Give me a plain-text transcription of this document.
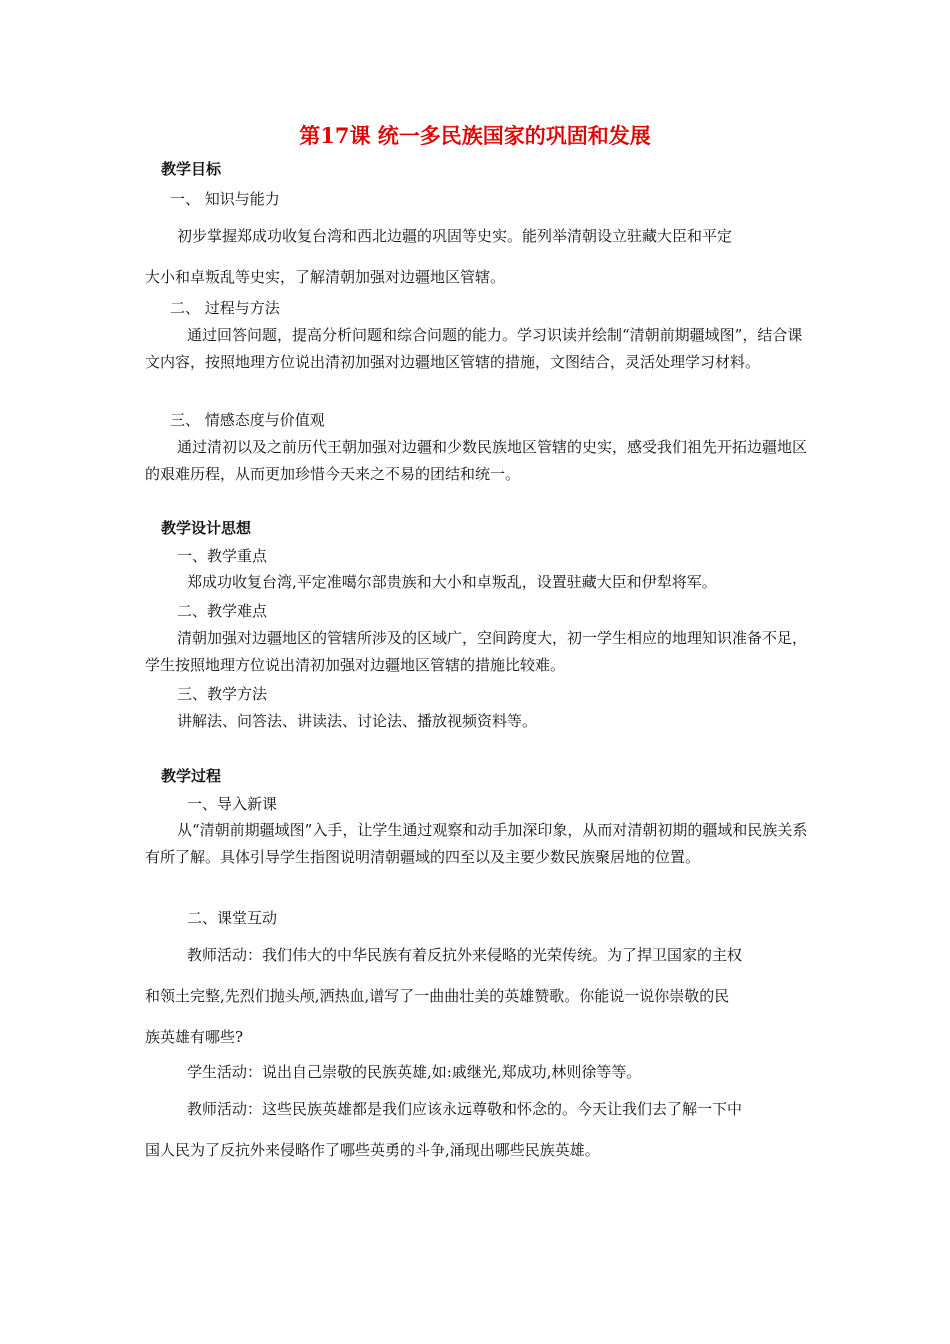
第17课 统一多民族国家的巩固和发展
教学目标
一、 知识与能力
初步掌握郑成功收复台湾和西北边疆的巩固等史实。能列举清朝设立驻藏大臣和平定
大小和卓叛乱等史实，了解清朝加强对边疆地区管辖。
二、 过程与方法

通过回答问题，提高分析问题和综合问题的能力。学习识读并绘制“清朝前期疆域图”，结合课文内容，按照地理方位说出清初加强对边疆地区管辖的措施，文图结合，灵活处理学习材料。

三、 情感态度与价值观

通过清初以及之前历代王朝加强对边疆和少数民族地区管辖的史实，感受我们祖先开拓边疆地区的艰难历程，从而更加珍惜今天来之不易的团结和统一。

教学设计思想
一、教学重点

郑成功收复台湾,平定准噶尔部贵族和大小和卓叛乱，设置驻藏大臣和伊犁将军。

二、教学难点

清朝加强对边疆地区的管辖所涉及的区域广，空间跨度大，初一学生相应的地理知识准备不足，学生按照地理方位说出清初加强对边疆地区管辖的措施比较难。

三、教学方法

讲解法、问答法、讲读法、讨论法、播放视频资料等。

教学过程
一、导入新课

从“清朝前期疆域图”入手，让学生通过观察和动手加深印象，从而对清朝初期的疆域和民族关系有所了解。具体引导学生指图说明清朝疆域的四至以及主要少数民族聚居地的位置。

二、课堂互动
教师活动：我们伟大的中华民族有着反抗外来侵略的光荣传统。为了捍卫国家的主权
和领土完整,先烈们抛头颅,洒热血,谱写了一曲曲壮美的英雄赞歌。你能说一说你崇敬的民
族英雄有哪些?
学生活动：说出自己崇敬的民族英雄,如:戚继光,郑成功,林则徐等等。
教师活动：这些民族英雄都是我们应该永远尊敬和怀念的。今天让我们去了解一下中
国人民为了反抗外来侵略作了哪些英勇的斗争,涌现出哪些民族英雄。
